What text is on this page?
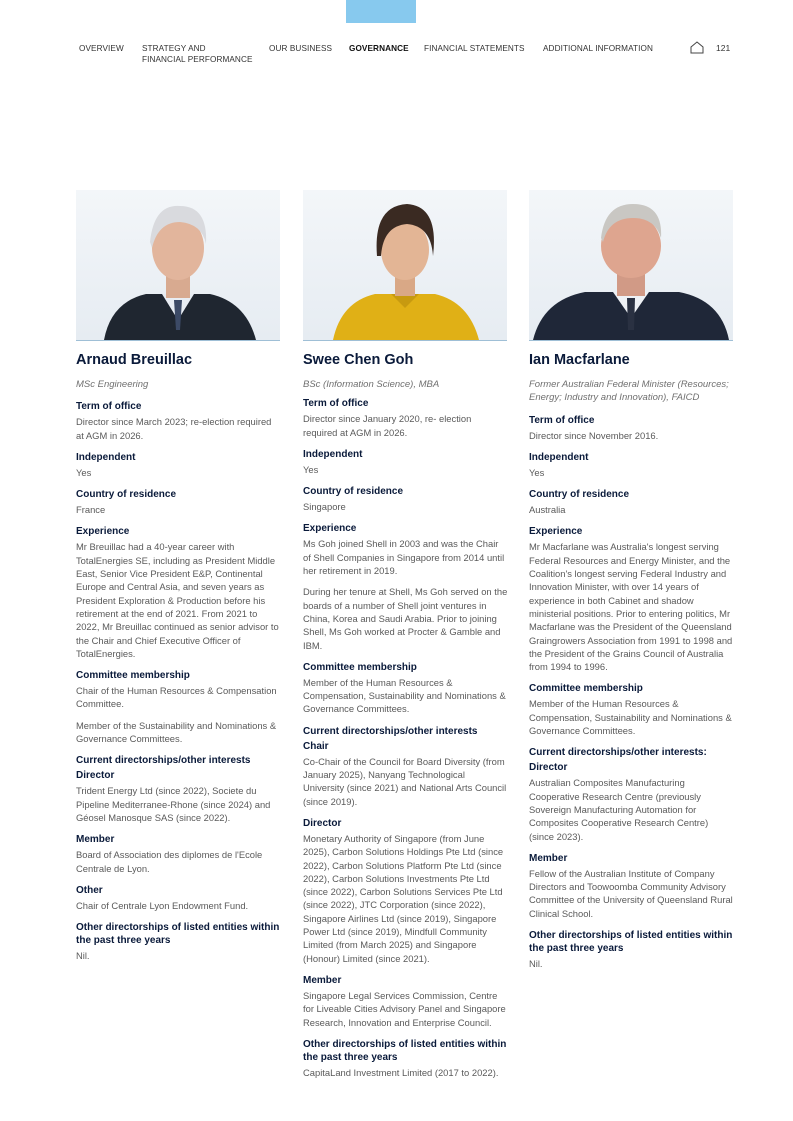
OVERVIEW STRATEGY AND
FINANCIAL PERFORMANCE
OUR BUSINESS GOVERNANCE FINANCIAL STATEMENTS ADDITIONAL INFORMATION	121
Arnaud Breuillac
MSc Engineering
Term of office
Director since March 2023; re-election required at AGM in 2026.
Independent
Yes
Country of residence
France
Experience
Mr Breuillac had a 40-year career with TotalEnergies SE, including as President Middle East, Senior Vice President E&P, Continental Europe and Central Asia, and seven years as President Exploration & Production before his retirement at the end of 2021. From 2021 to 2022, Mr Breuillac continued as senior advisor to the Chair and Chief Executive Officer of TotalEnergies.
Committee membership
Chair of the Human Resources & Compensation Committee.
Member of the Sustainability and Nominations & Governance Committees.
Current directorships/other interests
Director
Trident Energy Ltd (since 2022), Societe du Pipeline Mediterranee-Rhone (since 2024) and Géosel Manosque SAS (since 2022).
Member
Board of Association des diplomes de l'Ecole Centrale de Lyon.
Other
Chair of Centrale Lyon Endowment Fund.
Other directorships of listed entities within the past three years
Nil.
Swee Chen Goh
BSc (Information Science), MBA
Term of office
Director since January 2020, re- election required at AGM in 2026.
Independent
Yes
Country of residence
Singapore
Experience
Ms Goh joined Shell in 2003 and was the Chair of Shell Companies in Singapore from 2014 until her retirement in 2019.
During her tenure at Shell, Ms Goh served on the boards of a number of Shell joint ventures in China, Korea and Saudi Arabia. Prior to joining Shell, Ms Goh worked at Procter & Gamble and IBM.
Committee membership
Member of the Human Resources & Compensation, Sustainability and Nominations & Governance Committees.
Current directorships/other interests
Chair
Co-Chair of the Council for Board Diversity (from January 2025), Nanyang Technological University (since 2021) and National Arts Council (since 2019).
Director
Monetary Authority of Singapore (from June 2025), Carbon Solutions Holdings Pte Ltd (since 2022), Carbon Solutions Platform Pte Ltd (since 2022), Carbon Solutions Investments Pte Ltd (since 2022), Carbon Solutions Services Pte Ltd (since 2022), JTC Corporation (since 2022), Singapore Airlines Ltd (since 2019), Singapore Power Ltd (since 2019), Mindfull Community Limited (from March 2025) and Singapore (Honour) Limited (since 2021).
Member
Singapore Legal Services Commission, Centre for Liveable Cities Advisory Panel and Singapore Research, Innovation and Enterprise Council.
Other directorships of listed entities within the past three years
CapitaLand Investment Limited (2017 to 2022).
Ian Macfarlane
Former Australian Federal Minister (Resources; Energy; Industry and Innovation), FAICD
Term of office
Director since November 2016.
Independent
Yes
Country of residence
Australia
Experience
Mr Macfarlane was Australia's longest serving Federal Resources and Energy Minister, and the Coalition's longest serving Federal Industry and Innovation Minister, with over 14 years of experience in both Cabinet and shadow ministerial positions. Prior to entering politics, Mr Macfarlane was the President of the Queensland Graingrowers Association from 1991 to 1998 and the President of the Grains Council of Australia from 1994 to 1996.
Committee membership
Member of the Human Resources & Compensation, Sustainability and Nominations & Governance Committees.
Current directorships/other interests:
Director
Australian Composites Manufacturing Cooperative Research Centre (previously Sovereign Manufacturing Automation for Composites Cooperative Research Centre) (since 2023).
Member
Fellow of the Australian Institute of Company Directors and Toowoomba Community Advisory Committee of the University of Queensland Rural Clinical School.
Other directorships of listed entities within the past three years
Nil.
